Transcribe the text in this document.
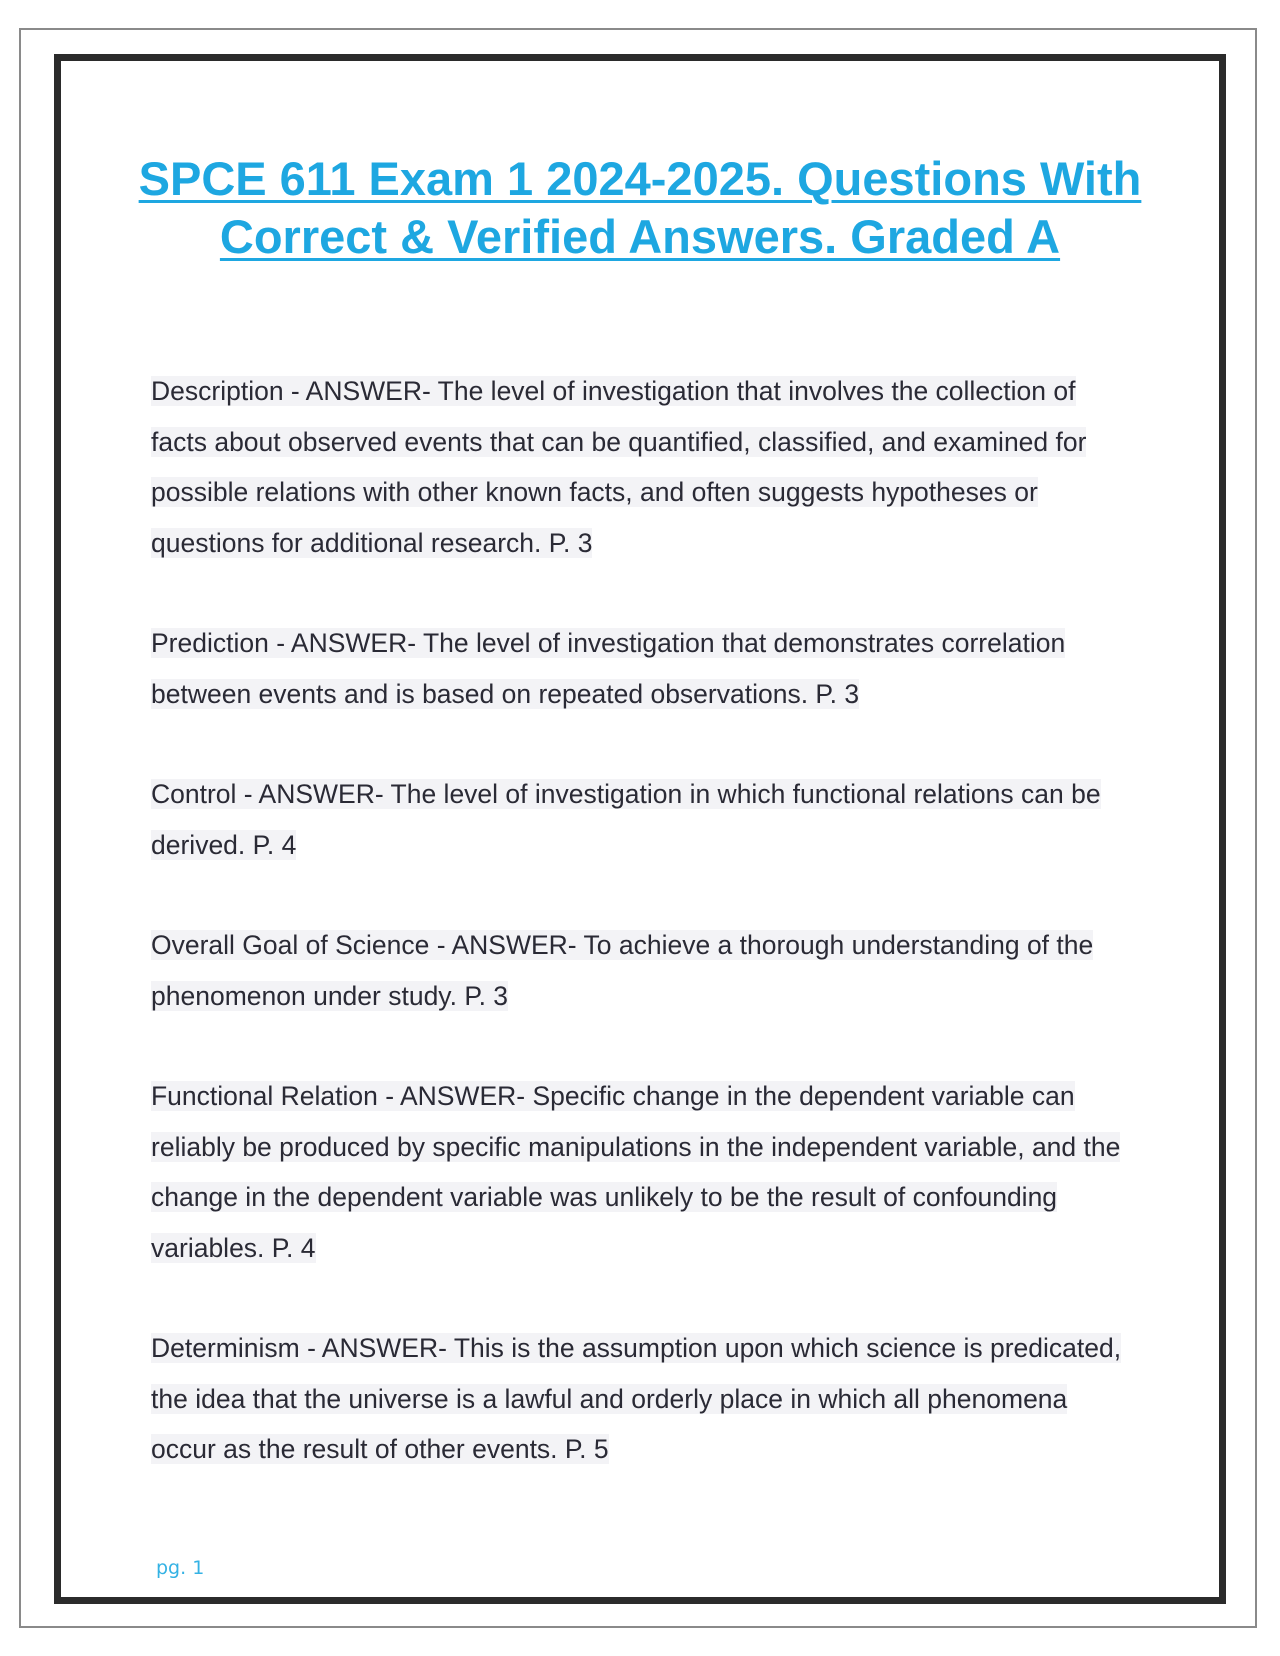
SPCE 611 Exam 1 2024-2025. Questions With Correct & Verified Answers. Graded A

Description - ANSWER- The level of investigation that involves the collection of facts about observed events that can be quantified, classified, and examined for possible relations with other known facts, and often suggests hypotheses or questions for additional research. P. 3

Prediction - ANSWER- The level of investigation that demonstrates correlation between events and is based on repeated observations. P. 3

Control - ANSWER- The level of investigation in which functional relations can be derived. P. 4

Overall Goal of Science - ANSWER- To achieve a thorough understanding of the phenomenon under study. P. 3

Functional Relation - ANSWER- Specific change in the dependent variable can reliably be produced by specific manipulations in the independent variable, and the change in the dependent variable was unlikely to be the result of confounding variables. P. 4

Determinism - ANSWER- This is the assumption upon which science is predicated, the idea that the universe is a lawful and orderly place in which all phenomena occur as the result of other events. P. 5

pg. 1
